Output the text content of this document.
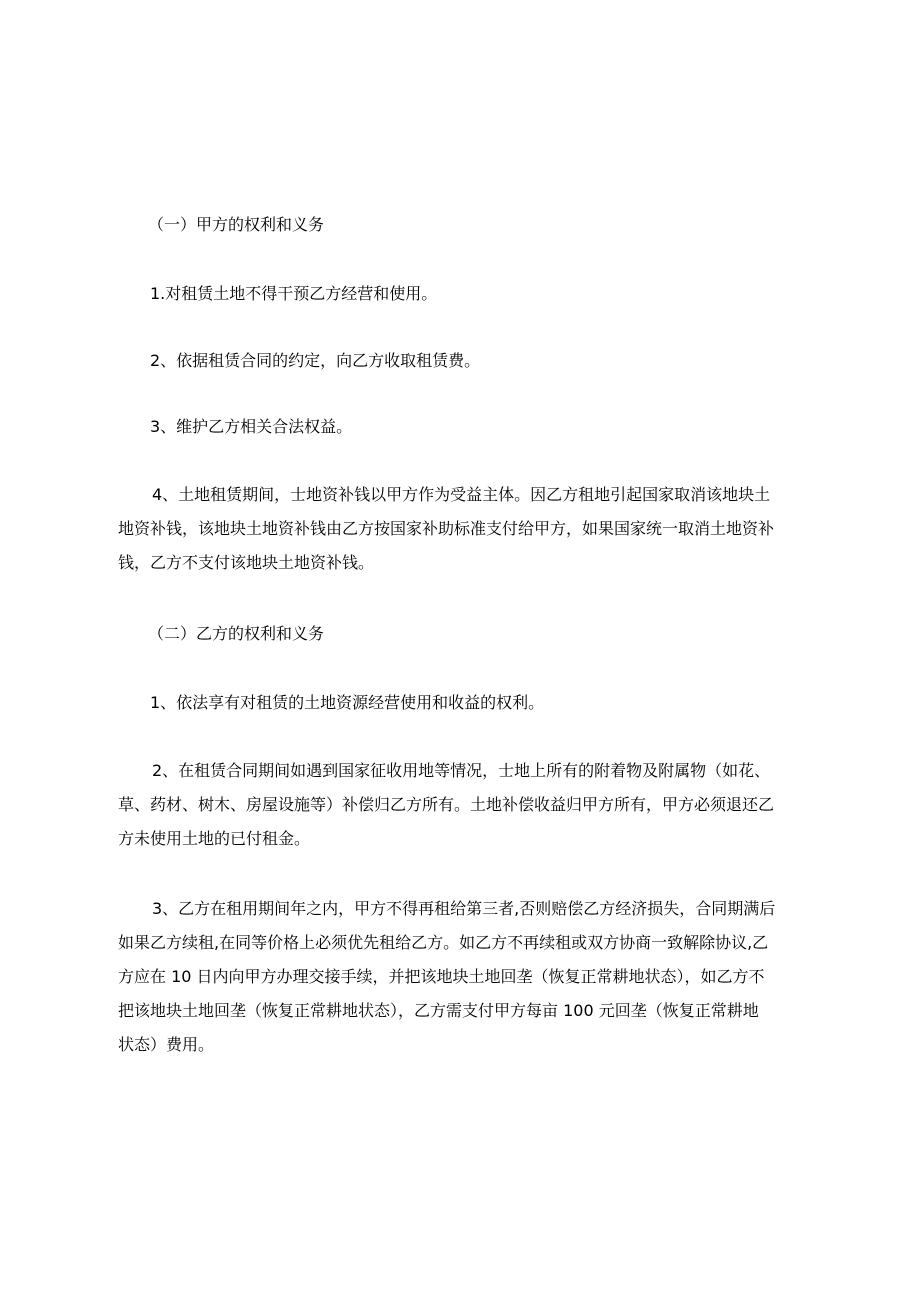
（一）甲方的权利和义务

1.对租赁土地不得干预乙方经营和使用。

2、依据租赁合同的约定，向乙方收取租赁费。

3、维护乙方相关合法权益。

4、土地租赁期间，士地资补钱以甲方作为受益主体。因乙方租地引起国家取消该地块土
地资补钱，该地块土地资补钱由乙方按国家补助标准支付给甲方，如果国家统一取消土地资补
钱，乙方不支付该地块土地资补钱。

（二）乙方的权利和义务

1、依法享有对租赁的土地资源经营使用和收益的权利。

2、在租赁合同期间如遇到国家征收用地等情况，士地上所有的附着物及附属物（如花、
草、药材、树木、房屋设施等）补偿归乙方所有。土地补偿收益归甲方所有，甲方必须退还乙
方未使用土地的已付租金。
3、乙方在租用期间年之内，甲方不得再租给第三者,否则赔偿乙方经济损失，合同期满后
如果乙方续租,在同等价格上必须优先租给乙方。如乙方不再续租或双方协商一致解除协议,乙
方应在 10 日内向甲方办理交接手续，并把该地块土地回垄（恢复正常耕地状态），如乙方不
把该地块土地回垄（恢复正常耕地状态），乙方需支付甲方每亩 100 元回垄（恢复正常耕地
状态）费用。
